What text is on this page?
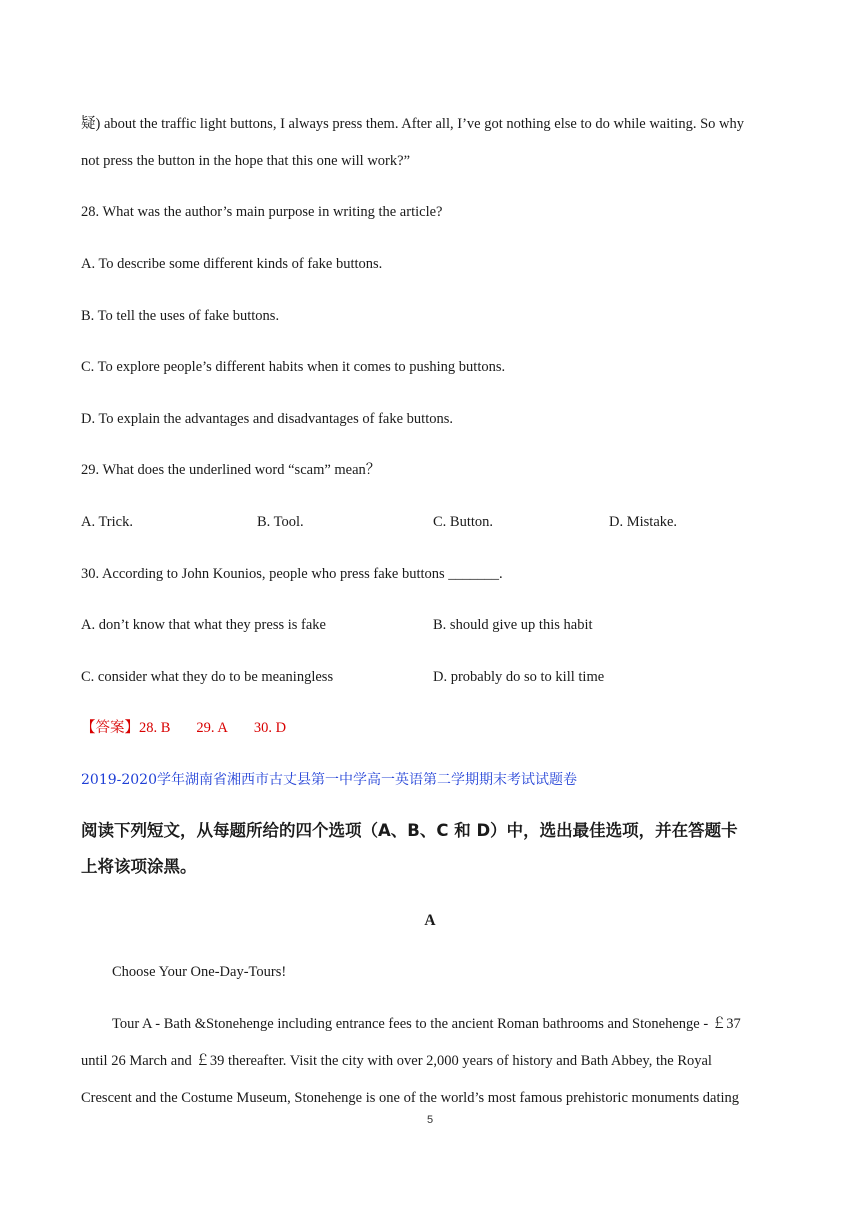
疑) about the traffic light buttons, I always press them. After all, I’ve got nothing else to do while waiting. So why
not press the button in the hope that this one will work?”
28. What was the author’s main purpose in writing the article?
A. To describe some different kinds of fake buttons.
B. To tell the uses of fake buttons.
C. To explore people’s different habits when it comes to pushing buttons.
D. To explain the advantages and disadvantages of fake buttons.
29. What does the underlined word “scam” mean？
A. Trick.	B. Tool.	C. Button.	D. Mistake.
30. According to John Kounios, people who press fake buttons _______.
A. don’t know that what they press is fake	B. should give up this habit
C. consider what they do to be meaningless	D. probably do so to kill time
【答案】28. B 29. A 30. D
2019-2020学年湖南省湘西市古丈县第一中学高一英语第二学期期末考试试题卷
阅读下列短文，从每题所给的四个选项（A、B、C 和 D）中，选出最佳选项，并在答题卡
上将该项涂黑。
A
Choose Your One-Day-Tours!
Tour A - Bath &Stonehenge including entrance fees to the ancient Roman bathrooms and Stonehenge - ￡37
until 26 March and ￡39 thereafter. Visit the city with over 2,000 years of history and Bath Abbey, the Royal
Crescent and the Costume Museum, Stonehenge is one of the world’s most famous prehistoric monuments dating
5
